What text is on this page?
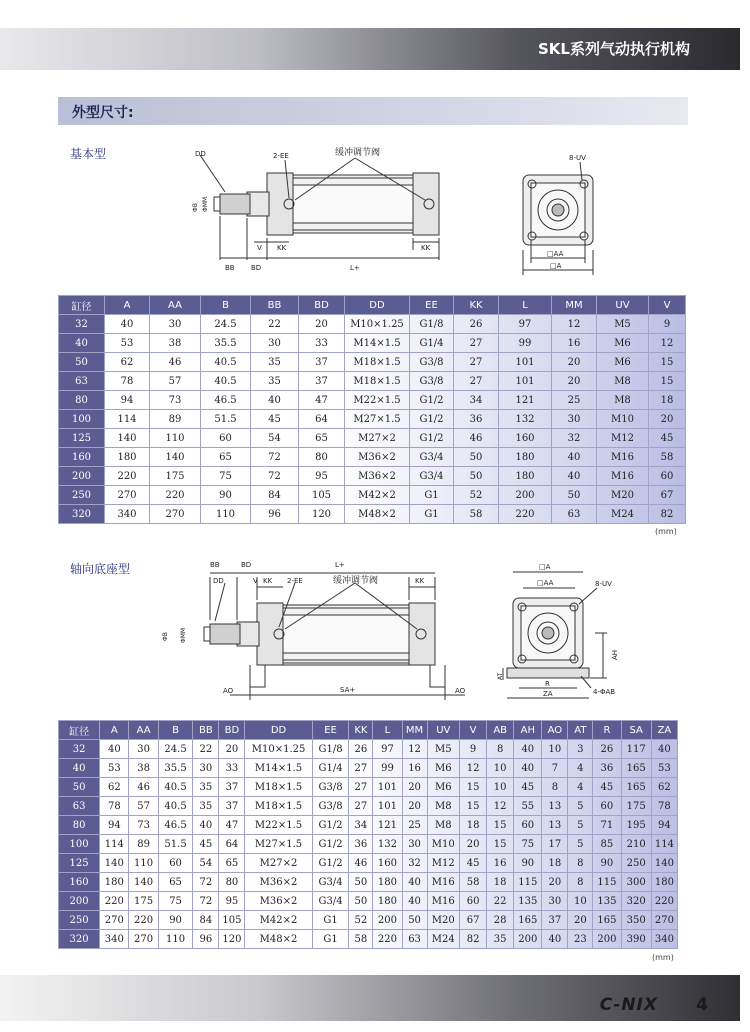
SKL系列气动执行机构
外型尺寸:
基本型	DD	2-EE	缓冲调节阀
ΦB ΦMM
V KK	KK
BB BD	L+
8-UV
□AA
□A
缸径	A	AA	B	BB	BD	DD	EE	KK	L	MM	UV	V
32	40	30	24.5	22	20	M10×1.25	G1/8	26	97	12	M5	9
40	53	38	35.5	30	33	M14×1.5	G1/4	27	99	16	M6	12
50	62	46	40.5	35	37	M18×1.5	G3/8	27	101	20	M6	15
63	78	57	40.5	35	37	M18×1.5	G3/8	27	101	20	M8	15
80	94	73	46.5	40	47	M22×1.5	G1/2	34	121	25	M8	18
100	114	89	51.5	45	64	M27×1.5	G1/2	36	132	30	M10	20
125	140	110	60	54	65	M27×2	G1/2	46	160	32	M12	45
160	180	140	65	72	80	M36×2	G3/4	50	180	40	M16	58
200	220	175	75	72	95	M36×2	G3/4	50	180	40	M16	60
250	270	220	90	84	105	M42×2	G1	52	200	50	M20	67
320	340	270	110	96	120	M48×2	G1	58	220	63	M24	82
(mm)
轴向底座型	BB	BD	L+
DD	V KK 2-EE	KK
缓冲调节阀
ΦB ΦMM
AO	SA+	AO
□A
□AA	8-UV
AH
AT
R
ZA	4-ΦAB
缸径	A	AA	B	BB	BD	DD	EE	KK	L	MM	UV	V	AB	AH	AO	AT	R	SA	ZA
32	40	30	24.5	22	20	M10×1.25	G1/8	26	97	12	M5	9	8	40	10	3	26	117	40
40	53	38	35.5	30	33	M14×1.5	G1/4	27	99	16	M6	12	10	40	7	4	36	165	53
50	62	46	40.5	35	37	M18×1.5	G3/8	27	101	20	M6	15	10	45	8	4	45	165	62
63	78	57	40.5	35	37	M18×1.5	G3/8	27	101	20	M8	15	12	55	13	5	60	175	78
80	94	73	46.5	40	47	M22×1.5	G1/2	34	121	25	M8	18	15	60	13	5	71	195	94
100	114	89	51.5	45	64	M27×1.5	G1/2	36	132	30	M10	20	15	75	17	5	85	210	114
125	140	110	60	54	65	M27×2	G1/2	46	160	32	M12	45	16	90	18	8	90	250	140
160	180	140	65	72	80	M36×2	G3/4	50	180	40	M16	58	18	115	20	8	115	300	180
200	220	175	75	72	95	M36×2	G3/4	50	180	40	M16	60	22	135	30	10	135	320	220
250	270	220	90	84	105	M42×2	G1	52	200	50	M20	67	28	165	37	20	165	350	270
320	340	270	110	96	120	M48×2	G1	58	220	63	M24	82	35	200	40	23	200	390	340
(mm)
C-NIX 4
